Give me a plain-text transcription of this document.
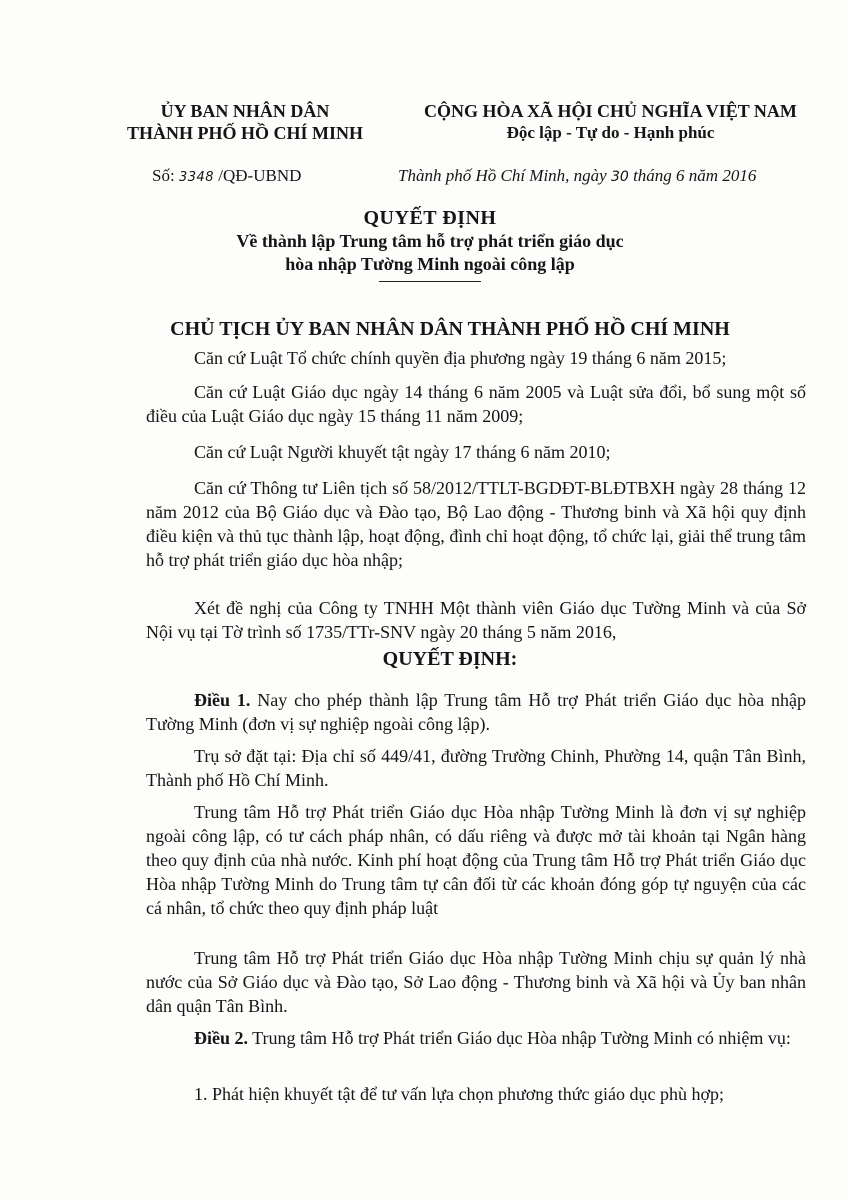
ỦY BAN NHÂN DÂN
THÀNH PHỐ HỒ CHÍ MINH
CỘNG HÒA XÃ HỘI CHỦ NGHĨA VIỆT NAM
Độc lập - Tự do - Hạnh phúc
Số: 3348 /QĐ-UBND	Thành phố Hồ Chí Minh, ngày 30 tháng 6 năm 2016
QUYẾT ĐỊNH
Về thành lập Trung tâm hỗ trợ phát triển giáo dục
hòa nhập Tường Minh ngoài công lập
CHỦ TỊCH ỦY BAN NHÂN DÂN THÀNH PHỐ HỒ CHÍ MINH
Căn cứ Luật Tổ chức chính quyền địa phương ngày 19 tháng 6 năm 2015;
Căn cứ Luật Giáo dục ngày 14 tháng 6 năm 2005 và Luật sửa đổi, bổ sung một số điều của Luật Giáo dục ngày 15 tháng 11 năm 2009;
Căn cứ Luật Người khuyết tật ngày 17 tháng 6 năm 2010;
Căn cứ Thông tư Liên tịch số 58/2012/TTLT-BGDĐT-BLĐTBXH ngày 28 tháng 12 năm 2012 của Bộ Giáo dục và Đào tạo, Bộ Lao động - Thương binh và Xã hội quy định điều kiện và thủ tục thành lập, hoạt động, đình chỉ hoạt động, tổ chức lại, giải thể trung tâm hỗ trợ phát triển giáo dục hòa nhập;
Xét đề nghị của Công ty TNHH Một thành viên Giáo dục Tường Minh và của Sở Nội vụ tại Tờ trình số 1735/TTr-SNV ngày 20 tháng 5 năm 2016,
QUYẾT ĐỊNH:
Điều 1. Nay cho phép thành lập Trung tâm Hỗ trợ Phát triển Giáo dục hòa nhập Tường Minh (đơn vị sự nghiệp ngoài công lập).
Trụ sở đặt tại: Địa chỉ số 449/41, đường Trường Chinh, Phường 14, quận Tân Bình, Thành phố Hồ Chí Minh.
Trung tâm Hỗ trợ Phát triển Giáo dục Hòa nhập Tường Minh là đơn vị sự nghiệp ngoài công lập, có tư cách pháp nhân, có dấu riêng và được mở tài khoản tại Ngân hàng theo quy định của nhà nước. Kinh phí hoạt động của Trung tâm Hỗ trợ Phát triển Giáo dục Hòa nhập Tường Minh do Trung tâm tự cân đối từ các khoản đóng góp tự nguyện của các cá nhân, tổ chức theo quy định pháp luật
Trung tâm Hỗ trợ Phát triển Giáo dục Hòa nhập Tường Minh chịu sự quản lý nhà nước của Sở Giáo dục và Đào tạo, Sở Lao động - Thương binh và Xã hội và Ủy ban nhân dân quận Tân Bình.
Điều 2. Trung tâm Hỗ trợ Phát triển Giáo dục Hòa nhập Tường Minh có nhiệm vụ:
1. Phát hiện khuyết tật để tư vấn lựa chọn phương thức giáo dục phù hợp;
